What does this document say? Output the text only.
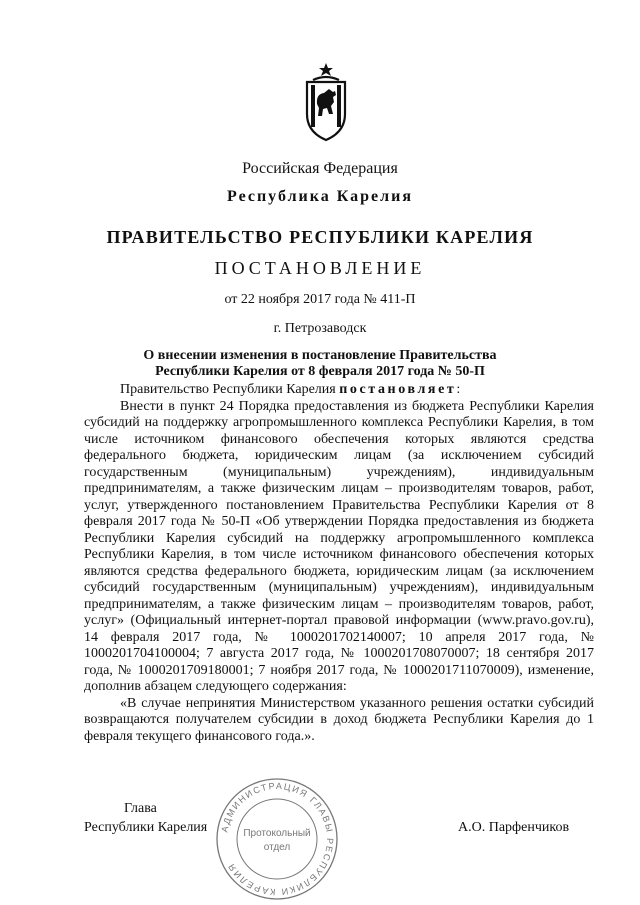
Российская Федерация
Республика Карелия
ПРАВИТЕЛЬСТВО РЕСПУБЛИКИ КАРЕЛИЯ
ПОСТАНОВЛЕНИЕ
от 22 ноября 2017 года № 411-П
г. Петрозаводск
О внесении изменения в постановление Правительства
Республики Карелия от 8 февраля 2017 года № 50-П

Правительство Республики Карелия постановляет:

Внести в пункт 24 Порядка предоставления из бюджета Республики Карелия субсидий на поддержку агропромышленного комплекса Республики Карелия, в том числе источником финансового обеспечения которых являются средства федерального бюджета, юридическим лицам (за исключением субсидий государственным (муниципальным) учреждениям), индивидуальным предпринимателям, а также физическим лицам – производителям товаров, работ, услуг, утвержденного постановлением Правительства Республики Карелия от 8 февраля 2017 года № 50-П «Об утверждении Порядка предоставления из бюджета Республики Карелия субсидий на поддержку агропромышленного комплекса Республики Карелия, в том числе источником финансового обеспечения которых являются средства федерального бюджета, юридическим лицам (за исключением субсидий государственным (муниципальным) учреждениям), индивидуальным предпринимателям, а также физическим лицам – производителям товаров, работ, услуг» (Официальный интернет-портал правовой информации (www.pravo.gov.ru), 14 февраля 2017 года, № 1000201702140007; 10 апреля 2017 года, № 1000201704100004; 7 августа 2017 года, № 1000201708070007; 18 сентября 2017 года, № 1000201709180001; 7 ноября 2017 года, № 1000201711070009), изменение, дополнив абзацем следующего содержания:

«В случае непринятия Министерством указанного решения остатки субсидий возвращаются получателем субсидии в доход бюджета Республики Карелия до 1 февраля текущего финансового года.».

Глава
Республики Карелия	А.О. Парфенчиков
АДМИНИСТРАЦИЯ ГЛАВЫ РЕСПУБЛИКИ КАРЕЛИЯ
Протокольный
отдел
